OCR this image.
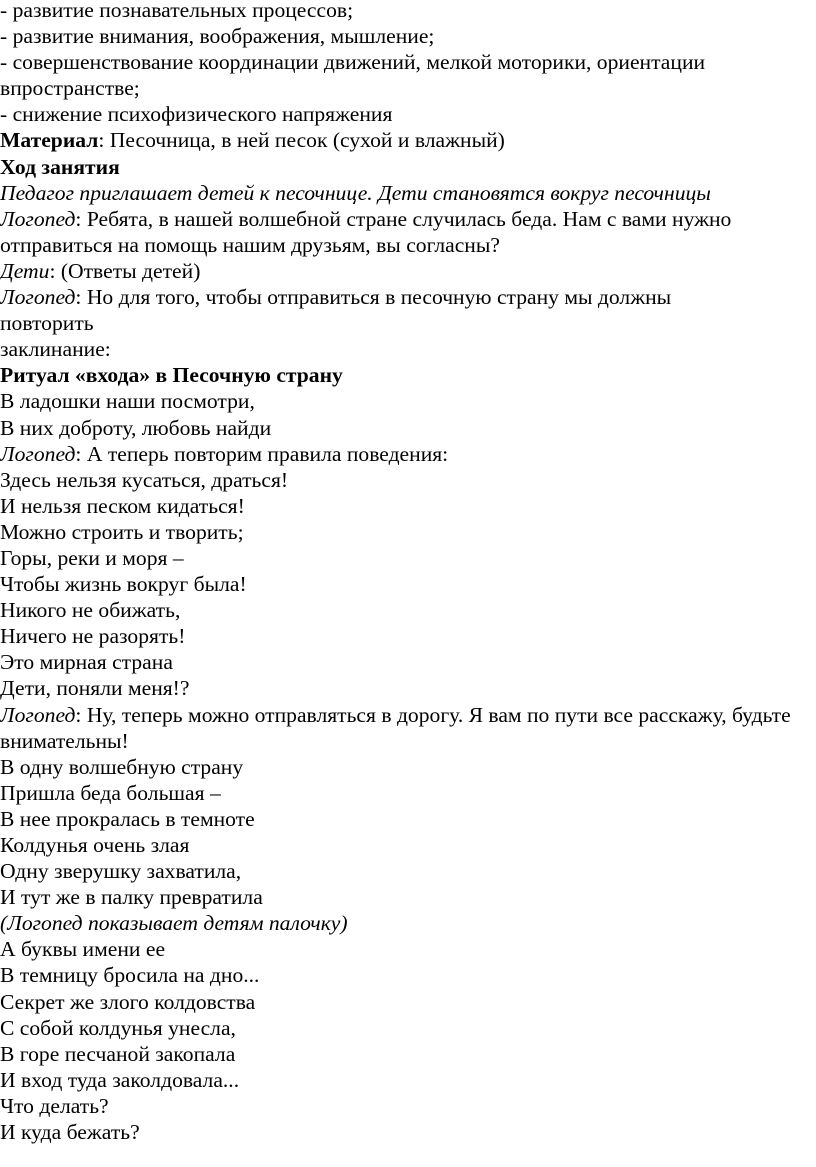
- развитие познавательных процессов;
- развитие внимания, воображения, мышление;
- совершенствование координации движений, мелкой моторики, ориентации впространстве;
- снижение психофизического напряжения
Материал: Песочница, в ней песок (сухой и влажный)
Ход занятия
Педагог приглашает детей к песочнице. Дети становятся вокруг песочницы
Логопед: Ребята, в нашей волшебной стране случилась беда. Нам с вами нужно отправиться на помощь нашим друзьям, вы согласны?
Дети: (Ответы детей)
Логопед: Но для того, чтобы отправиться в песочную страну мы должны
повторить
заклинание:
Ритуал «входа» в Песочную страну
В ладошки наши посмотри,
В них доброту, любовь найди
Логопед: А теперь повторим правила поведения:
Здесь нельзя кусаться, драться!
И нельзя песком кидаться!
Можно строить и творить;
Горы, реки и моря –
Чтобы жизнь вокруг была!
Никого не обижать,
Ничего не разорять!
Это мирная страна
Дети, поняли меня!?
Логопед: Ну, теперь можно отправляться в дорогу. Я вам по пути все расскажу, будьте внимательны!
В одну волшебную страну
Пришла беда большая –
В нее прокралась в темноте
Колдунья очень злая
Одну зверушку захватила,
И тут же в палку превратила
(Логопед показывает детям палочку)
А буквы имени ее
В темницу бросила на дно...
Секрет же злого колдовства
С собой колдунья унесла,
В горе песчаной закопала
И вход туда заколдовала...
Что делать?
И куда бежать?
